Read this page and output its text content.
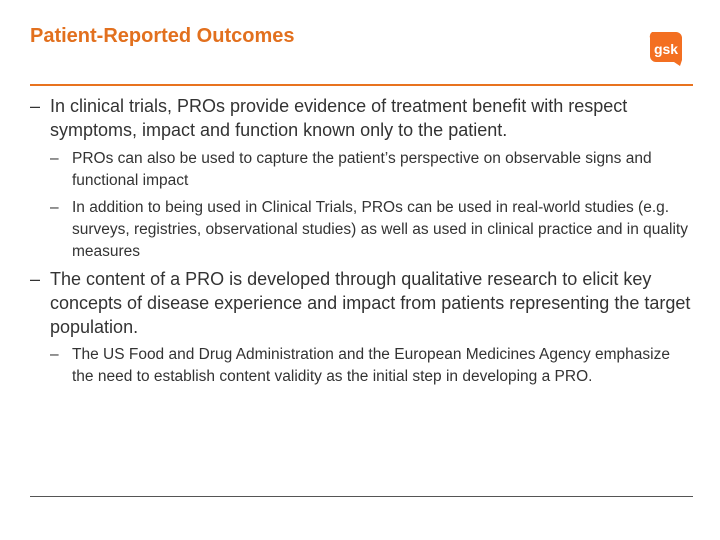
Patient-Reported Outcomes
gsk
– In clinical trials, PROs provide evidence of treatment benefit with respect symptoms, impact and function known only to the patient.
– PROs can also be used to capture the patient’s perspective on observable signs and functional impact
– In addition to being used in Clinical Trials, PROs can be used in real-world studies (e.g. surveys, registries, observational studies) as well as used in clinical practice and in quality measures
– The content of a PRO is developed through qualitative research to elicit key concepts of disease experience and impact from patients representing the target population.
– The US Food and Drug Administration and the European Medicines Agency emphasize the need to establish content validity as the initial step in developing a PRO.
